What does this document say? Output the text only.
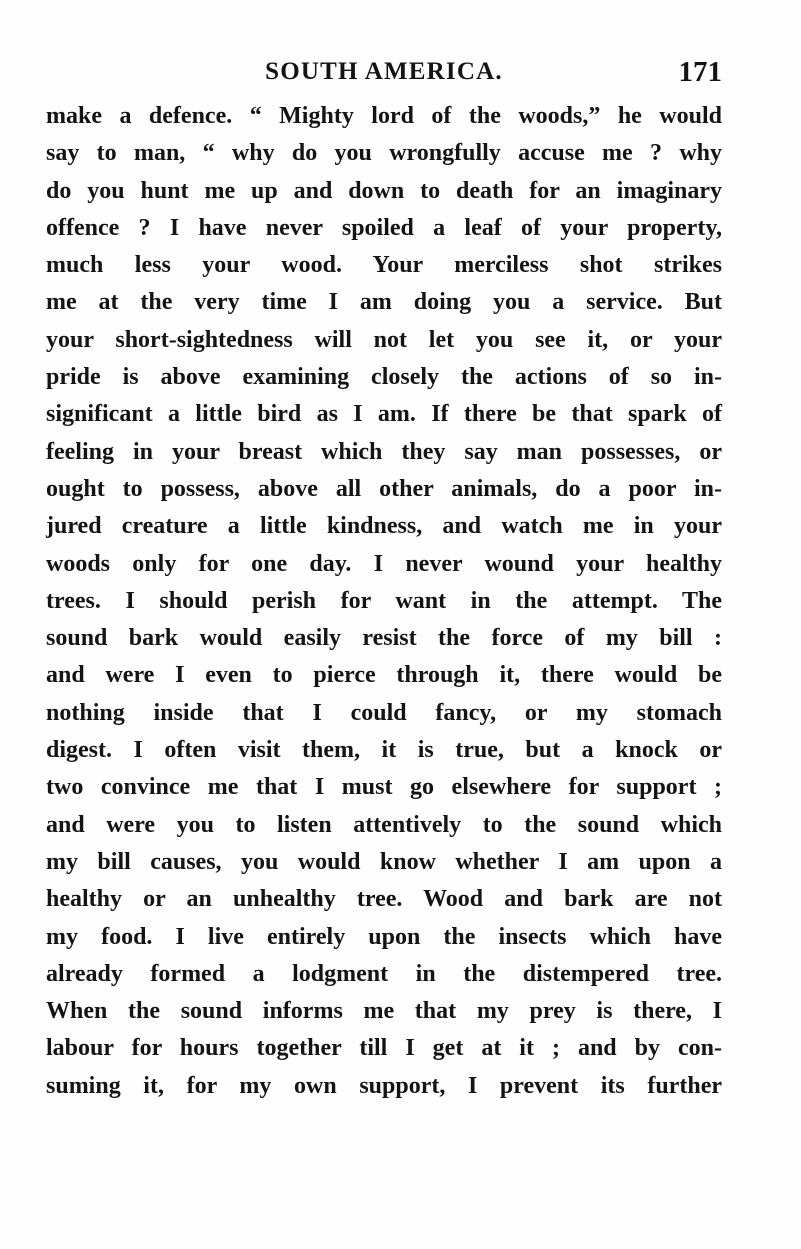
SOUTH AMERICA.	171
make a defence. “ Mighty lord of the woods,” he would
say to man, “ why do you wrongfully accuse me ? why
do you hunt me up and down to death for an imaginary
offence ? I have never spoiled a leaf of your property,
much less your wood. Your merciless shot strikes
me at the very time I am doing you a service. But
your short-sightedness will not let you see it, or your
pride is above examining closely the actions of so in-
significant a little bird as I am. If there be that spark of
feeling in your breast which they say man possesses, or
ought to possess, above all other animals, do a poor in-
jured creature a little kindness, and watch me in your
woods only for one day. I never wound your healthy
trees. I should perish for want in the attempt. The
sound bark would easily resist the force of my bill :
and were I even to pierce through it, there would be
nothing inside that I could fancy, or my stomach
digest. I often visit them, it is true, but a knock or
two convince me that I must go elsewhere for support ;
and were you to listen attentively to the sound which
my bill causes, you would know whether I am upon a
healthy or an unhealthy tree. Wood and bark are not
my food. I live entirely upon the insects which have
already formed a lodgment in the distempered tree.
When the sound informs me that my prey is there, I
labour for hours together till I get at it ; and by con-
suming it, for my own support, I prevent its further
